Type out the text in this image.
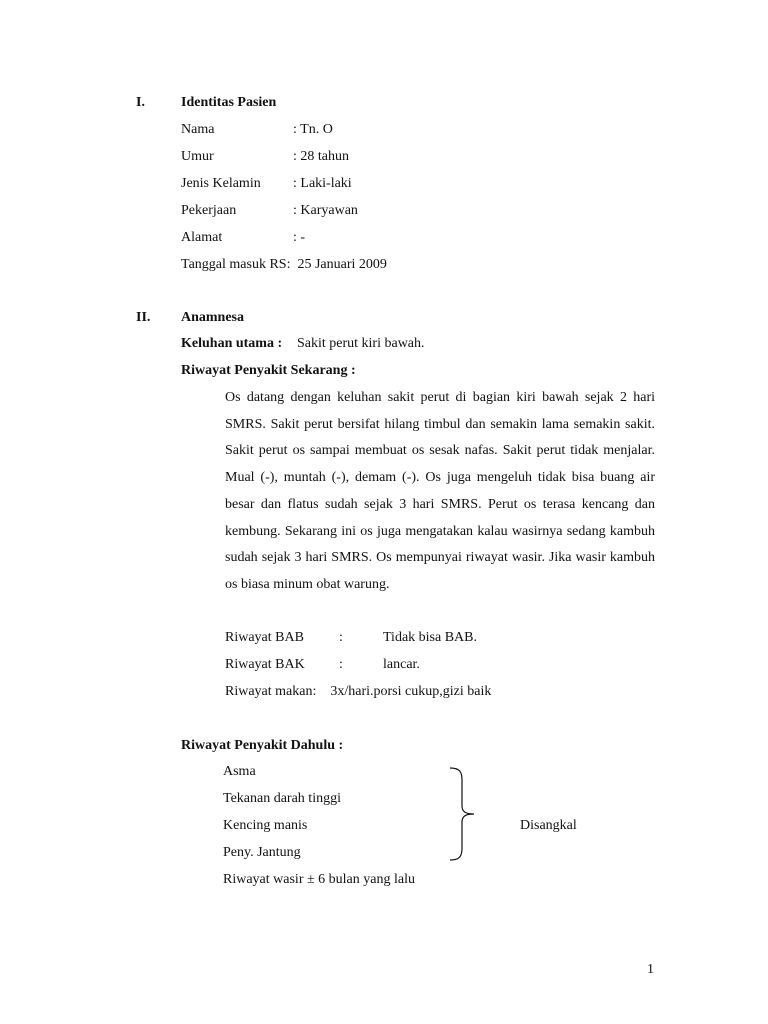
I.	Identitas Pasien
Nama	: Tn. O
Umur	: 28 tahun
Jenis Kelamin : Laki-laki
Pekerjaan	: Karyawan
Alamat	: -
Tanggal masuk RS:  25 Januari 2009
II. Anamnesa
Keluhan utama : Sakit perut kiri bawah.
Riwayat Penyakit Sekarang :
Os datang dengan keluhan sakit perut di bagian kiri bawah sejak 2 hari SMRS. Sakit perut bersifat hilang timbul dan semakin lama semakin sakit. Sakit perut os sampai membuat os sesak nafas. Sakit perut tidak menjalar. Mual (-), muntah (-), demam (-). Os juga mengeluh tidak bisa buang air besar dan flatus sudah sejak 3 hari SMRS. Perut os terasa kencang dan kembung. Sekarang ini os juga mengatakan kalau wasirnya sedang kambuh sudah sejak 3 hari SMRS. Os mempunyai riwayat wasir. Jika wasir kambuh os biasa minum obat warung.
Riwayat BAB	:	Tidak bisa BAB.
Riwayat BAK :	lancar.
Riwayat makan:    3x/hari.porsi cukup,gizi baik
Riwayat Penyakit Dahulu :
Asma
Tekanan darah tinggi
Kencing manis
Peny. Jantung
Disangkal
Riwayat wasir ± 6 bulan yang lalu
1
